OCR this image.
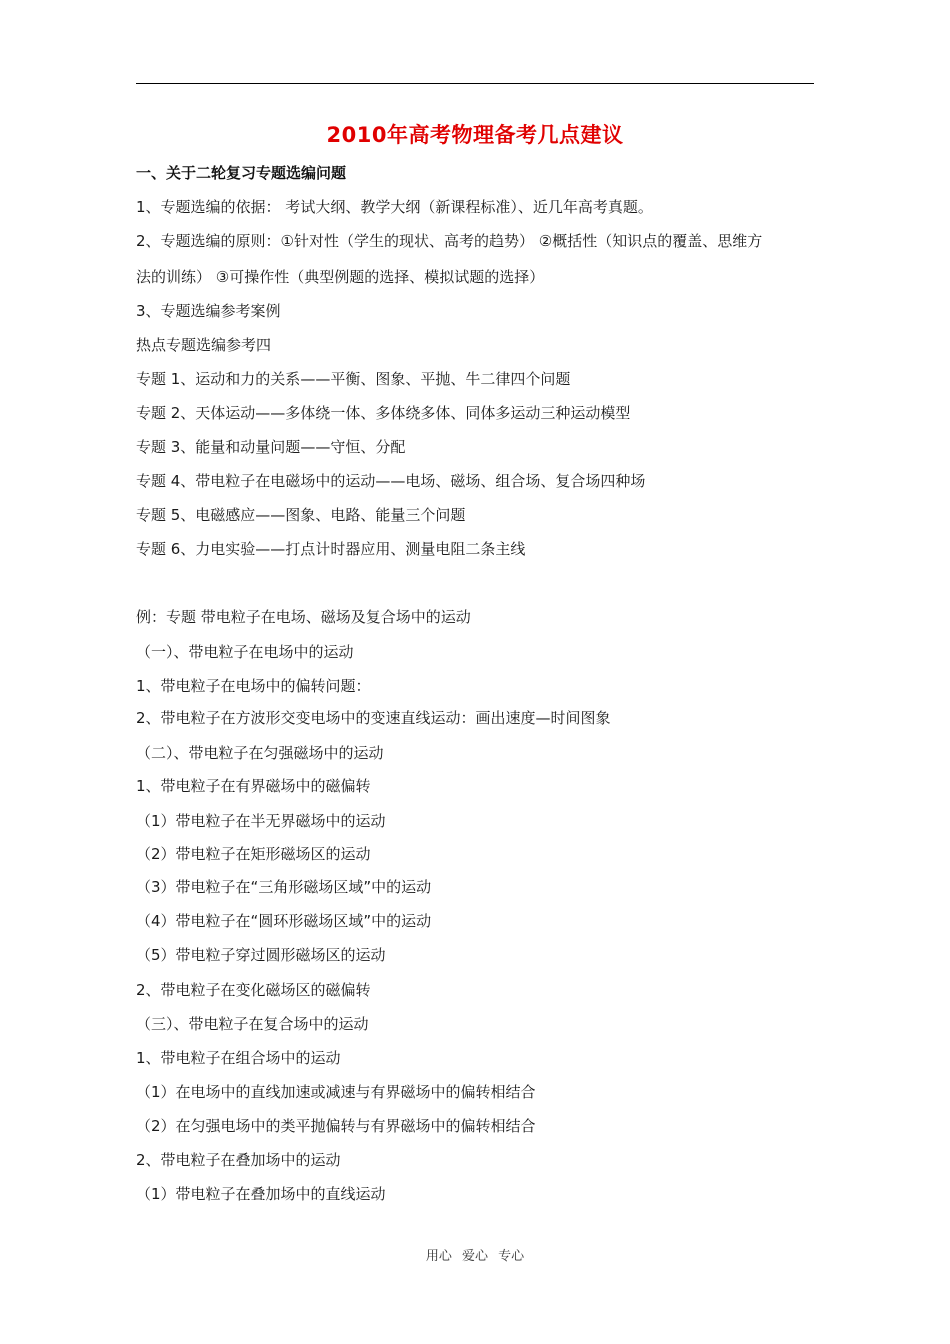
2010年高考物理备考几点建议
一、关于二轮复习专题选编问题
1、专题选编的依据： 考试大纲、教学大纲（新课程标准）、近几年高考真题。
2、专题选编的原则：①针对性（学生的现状、高考的趋势） ②概括性（知识点的覆盖、思维方
法的训练） ③可操作性（典型例题的选择、模拟试题的选择）
3、专题选编参考案例
热点专题选编参考四
专题 1、运动和力的关系——平衡、图象、平抛、牛二律四个问题
专题 2、天体运动——多体绕一体、多体绕多体、同体多运动三种运动模型
专题 3、能量和动量问题——守恒、分配
专题 4、带电粒子在电磁场中的运动——电场、磁场、组合场、复合场四种场
专题 5、电磁感应——图象、电路、能量三个问题
专题 6、力电实验——打点计时器应用、测量电阻二条主线
例：专题 带电粒子在电场、磁场及复合场中的运动
（一）、带电粒子在电场中的运动
1、带电粒子在电场中的偏转问题：
2、带电粒子在方波形交变电场中的变速直线运动：画出速度—时间图象
（二）、带电粒子在匀强磁场中的运动
1、带电粒子在有界磁场中的磁偏转
（1）带电粒子在半无界磁场中的运动
（2）带电粒子在矩形磁场区的运动
（3）带电粒子在“三角形磁场区域”中的运动
（4）带电粒子在“圆环形磁场区域”中的运动
（5）带电粒子穿过圆形磁场区的运动
2、带电粒子在变化磁场区的磁偏转
（三）、带电粒子在复合场中的运动
1、带电粒子在组合场中的运动
（1）在电场中的直线加速或减速与有界磁场中的偏转相结合
（2）在匀强电场中的类平抛偏转与有界磁场中的偏转相结合
2、带电粒子在叠加场中的运动
（1）带电粒子在叠加场中的直线运动
用心 爱心 专心
